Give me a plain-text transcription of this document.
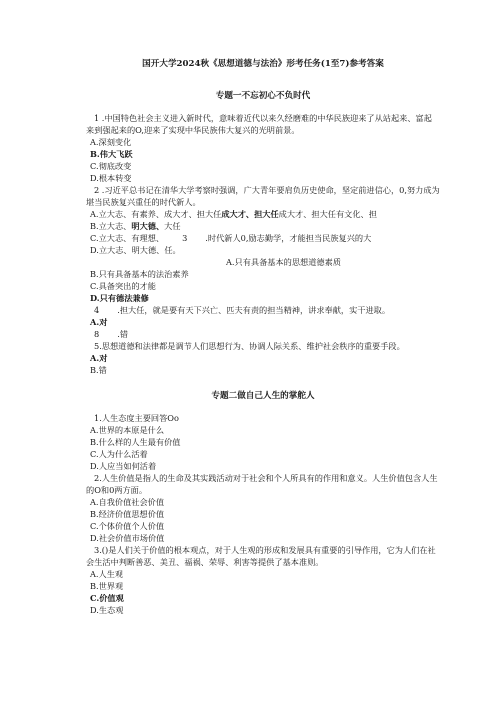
国开大学2024秋《思想道德与法治》形考任务(1至7)参考答案

专题一不忘初心不负时代

1 .中国特色社会主义进入新时代，意味着近代以来久经磨难的中华民族迎来了从站起来、富起来到强起来的O,迎来了实现中华民族伟大复兴的光明前景。

A.深刻变化

B.伟大飞跃

C.彻底改变

D.根本转变

2 .习近平总书记在清华大学考察时强调，广大青年要肩负历史使命，坚定前进信心，0,努力成为堪当民族复兴重任的时代新人。

A.立大志、有素养、成大才、担大任成大才、担大任成大才、担大任有文化、担

B.立大志、明大德、大任

C.立大志、有理想、 3 .时代新人0,励志勤学，才能担当民族复兴的大

D.立大志、明大德、任。

A.只有具备基本的思想道德素质

B.只有具备基本的法治素养

C.具备突出的才能

D.只有德法兼修

4 .担大任，就是要有天下兴亡、匹夫有责的担当精神，讲求奉献，实干进取。

A.对

8 .错

5.思想道德和法律都是调节人们思想行为、协调人际关系、维护社会秩序的重要手段。

A.对

B.错

专题二做自己人生的掌舵人

1.人生态度主要回答Oo

A.世界的本原是什么

B.什么样的人生最有价值

C.人为什么活着

D.人应当如何活着

2.人生价值是指人的生命及其实践活动对于社会和个人所具有的作用和意义。人生价值包含人生的O和0两方面。

A.自我价值社会价值

B.经济价值思想价值

C.个体价值个人价值

D.社会价值市场价值

3.()是人们关于价值的根本观点，对于人生观的形成和发展具有重要的引导作用，它为人们在社会生活中判断善恶、美丑、福祸、荣辱、利害等提供了基本准则。

A.人生观

B.世界观

C.价值观

D.生态观
